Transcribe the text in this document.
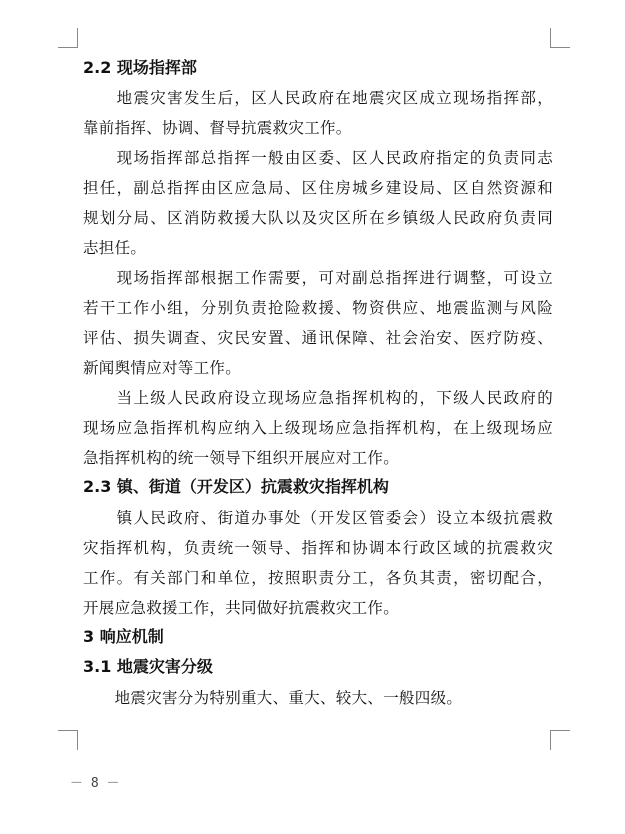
2.2 现场指挥部
　　地震灾害发生后，区人民政府在地震灾区成立现场指挥部，
靠前指挥、协调、督导抗震救灾工作。
　　现场指挥部总指挥一般由区委、区人民政府指定的负责同志
担任，副总指挥由区应急局、区住房城乡建设局、区自然资源和
规划分局、区消防救援大队以及灾区所在乡镇级人民政府负责同
志担任。
　　现场指挥部根据工作需要，可对副总指挥进行调整，可设立
若干工作小组，分别负责抢险救援、物资供应、地震监测与风险
评估、损失调查、灾民安置、通讯保障、社会治安、医疗防疫、
新闻舆情应对等工作。
　　当上级人民政府设立现场应急指挥机构的，下级人民政府的
现场应急指挥机构应纳入上级现场应急指挥机构，在上级现场应
急指挥机构的统一领导下组织开展应对工作。
2.3 镇、街道（开发区）抗震救灾指挥机构
　　镇人民政府、街道办事处（开发区管委会）设立本级抗震救
灾指挥机构，负责统一领导、指挥和协调本行政区域的抗震救灾
工作。有关部门和单位，按照职责分工，各负其责，密切配合，
开展应急救援工作，共同做好抗震救灾工作。
3 响应机制
3.1 地震灾害分级
　　地震灾害分为特别重大、重大、较大、一般四级。
－ 8 －
